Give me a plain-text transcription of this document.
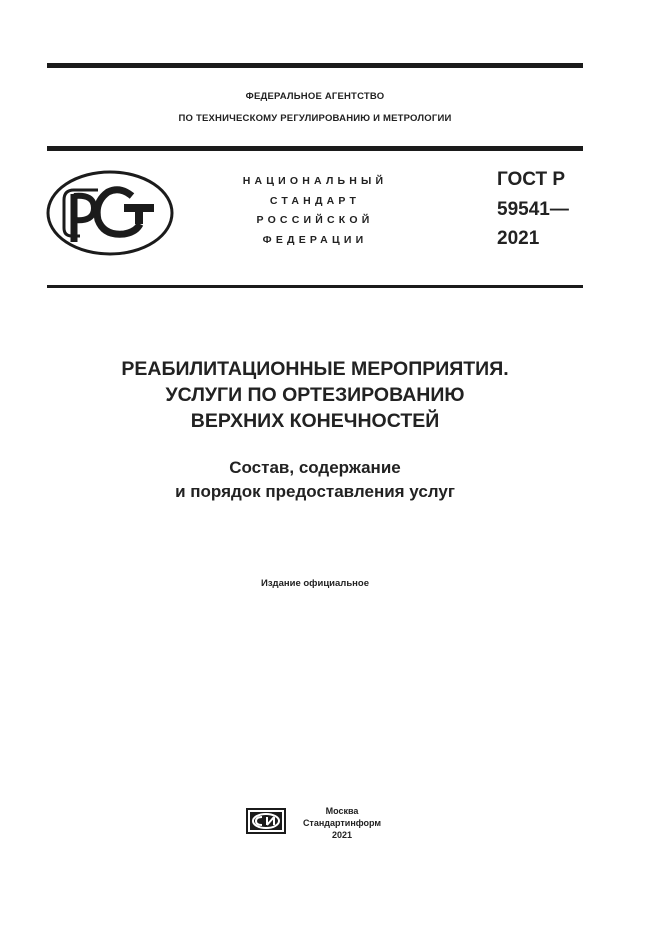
ФЕДЕРАЛЬНОЕ АГЕНТСТВО
ПО ТЕХНИЧЕСКОМУ РЕГУЛИРОВАНИЮ И МЕТРОЛОГИИ
НАЦИОНАЛЬНЫЙ
СТАНДАРТ
РОССИЙСКОЙ
ФЕДЕРАЦИИ
ГОСТ Р
59541—
2021
РЕАБИЛИТАЦИОННЫЕ МЕРОПРИЯТИЯ.
УСЛУГИ ПО ОРТЕЗИРОВАНИЮ
ВЕРХНИХ КОНЕЧНОСТЕЙ
Состав, содержание
и порядок предоставления услуг
Издание официальное
Москва
Стандартинформ
2021
